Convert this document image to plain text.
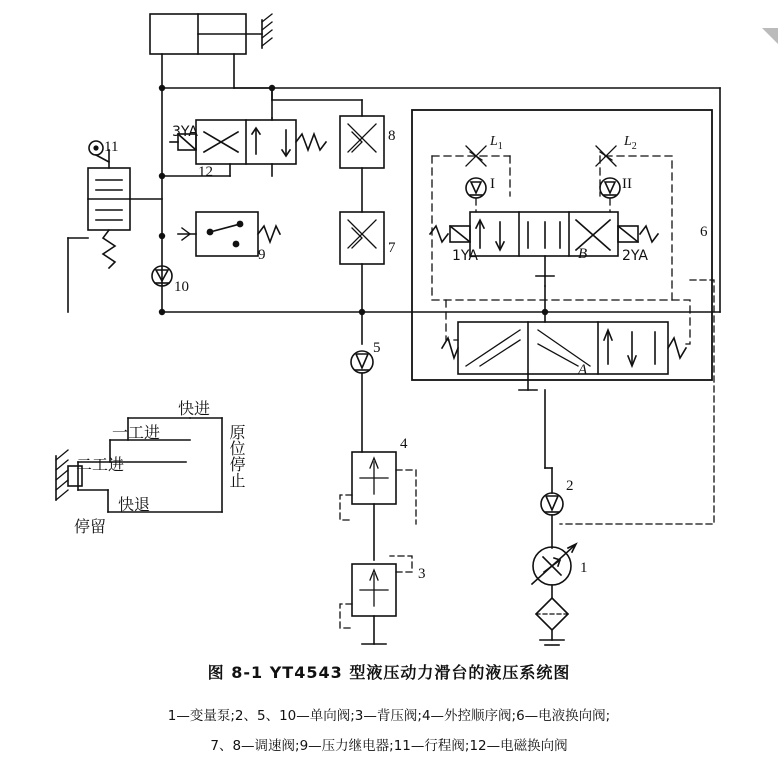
11
12
3YA
10
9
8
7
5
6
4
3
2
1
1YA	2YA
B
A
$L_1$	$L_2$
I	II
快进
一工进
二工进
快退
停留
原位停止
图 8-1 YT4543 型液压动力滑台的液压系统图
1—变量泵;2、5、10—单向阀;3—背压阀;4—外控顺序阀;6—电液换向阀;
7、8—调速阀;9—压力继电器;11—行程阀;12—电磁换向阀
